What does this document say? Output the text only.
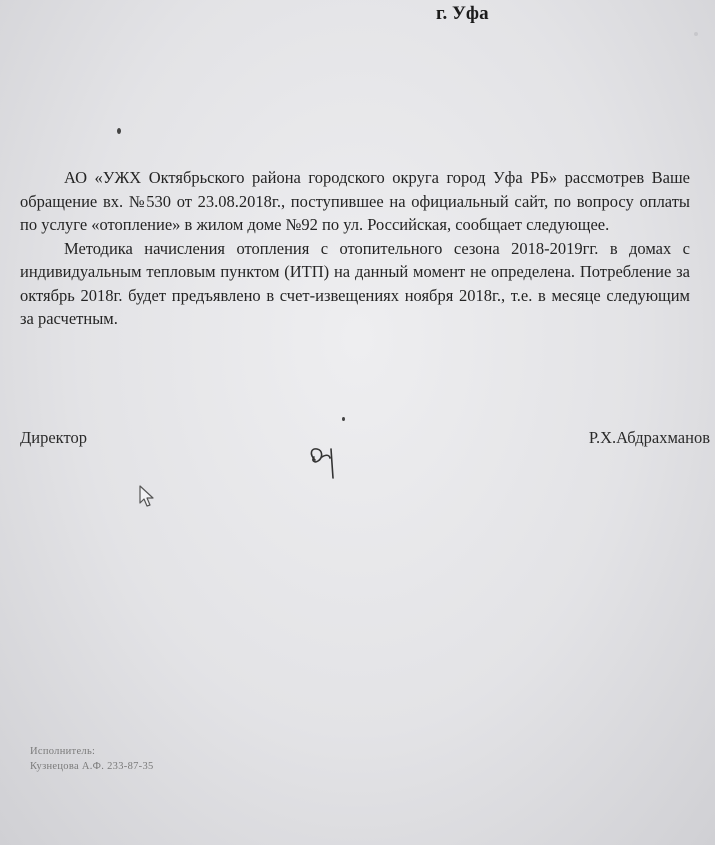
г. Уфа

АО «УЖХ Октябрьского района городского округа город Уфа РБ» рассмотрев Ваше обращение вх. №530 от 23.08.2018г., поступившее на официальный сайт, по вопросу оплаты по услуге «отопление» в жилом доме №92 по ул. Российская, сообщает следующее.

Методика начисления отопления с отопительного сезона 2018-2019гг. в домах с индивидуальным тепловым пунктом (ИТП) на данный момент не определена. Потребление за октябрь 2018г. будет предъявлено в счет-извещениях ноября 2018г., т.е. в месяце следующим за расчетным.

Директор	Р.Х.Абдрахманов
Исполнитель:
Кузнецова А.Ф. 233-87-35
